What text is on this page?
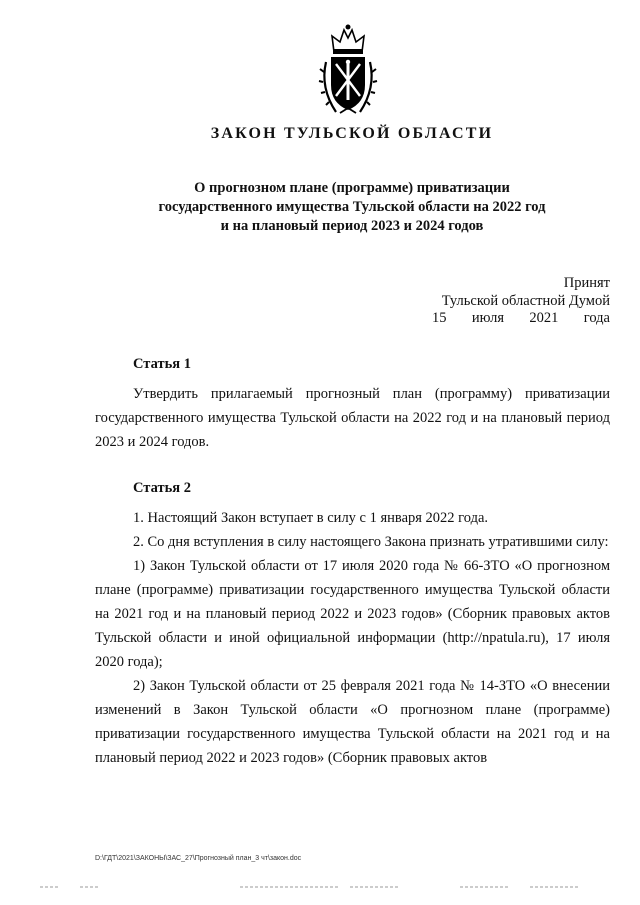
ЗАКОН ТУЛЬСКОЙ ОБЛАСТИ
О прогнозном плане (программе) приватизации
государственного имущества Тульской области на 2022 год
и на плановый период 2023 и 2024 годов
Принят
Тульской областной Думой
15 июля 2021 года

Статья 1

Утвердить прилагаемый прогнозный план (программу) приватизации государственного имущества Тульской области на 2022 год и на плановый период 2023 и 2024 годов.

Статья 2

1. Настоящий Закон вступает в силу с 1 января 2022 года.

2. Со дня вступления в силу настоящего Закона признать утратившими силу:

1) Закон Тульской области от 17 июля 2020 года № 66-ЗТО «О прогнозном плане (программе) приватизации государственного имущества Тульской области на 2021 год и на плановый период 2022 и 2023 годов» (Сборник правовых актов Тульской области и иной официальной информации (http://npatula.ru), 17 июля 2020 года);

2) Закон Тульской области от 25 февраля 2021 года № 14-ЗТО «О внесении изменений в Закон Тульской области «О прогнозном плане (программе) приватизации государственного имущества Тульской области на 2021 год и на плановый период 2022 и 2023 годов» (Сборник правовых актов

D:\ГДТ\2021\ЗАКОНЫ\ЗАС_27\Прогнозный план_3 чт\закон.doc
